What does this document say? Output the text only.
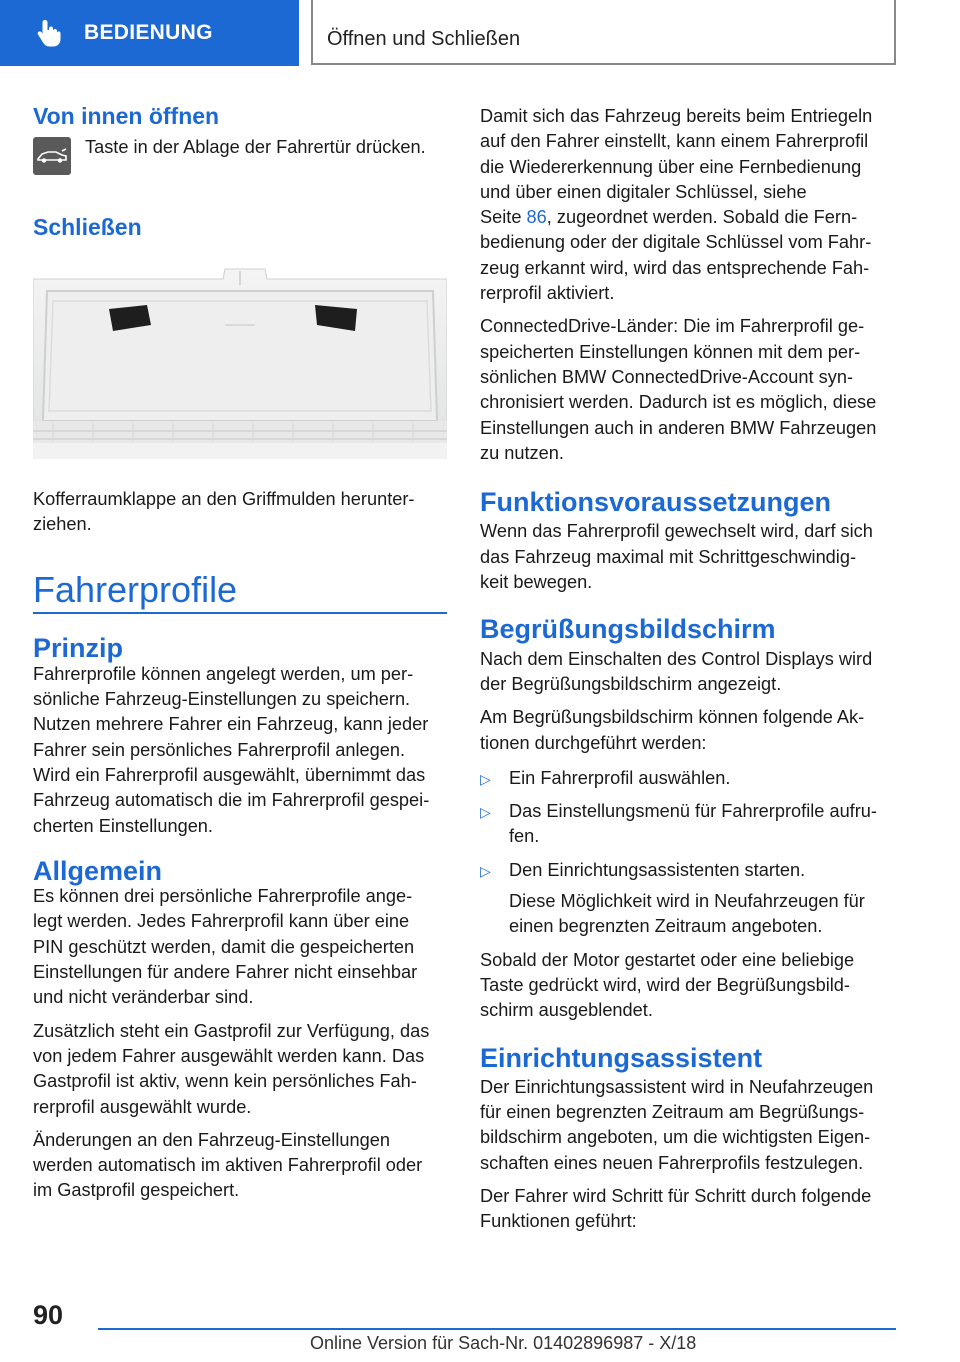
BEDIENUNG	Öffnen und Schließen
Von innen öffnen

Taste in der Ablage der Fahrertür drücken.

Schließen

Kofferraumklappe an den Griffmulden herunter‐

ziehen.

Fahrerprofile
Prinzip

Fahrerprofile können angelegt werden, um per‐

sönliche Fahrzeug-Einstellungen zu speichern.

Nutzen mehrere Fahrer ein Fahrzeug, kann jeder

Fahrer sein persönliches Fahrerprofil anlegen.

Wird ein Fahrerprofil ausgewählt, übernimmt das

Fahrzeug automatisch die im Fahrerprofil gespei‐

cherten Einstellungen.

Allgemein

Es können drei persönliche Fahrerprofile ange‐

legt werden. Jedes Fahrerprofil kann über eine

PIN geschützt werden, damit die gespeicherten

Einstellungen für andere Fahrer nicht einsehbar

und nicht veränderbar sind.

Zusätzlich steht ein Gastprofil zur Verfügung, das

von jedem Fahrer ausgewählt werden kann. Das

Gastprofil ist aktiv, wenn kein persönliches Fah‐

rerprofil ausgewählt wurde.

Änderungen an den Fahrzeug-Einstellungen

werden automatisch im aktiven Fahrerprofil oder

im Gastprofil gespeichert.

Damit sich das Fahrzeug bereits beim Entriegeln

auf den Fahrer einstellt, kann einem Fahrerprofil

die Wiedererkennung über eine Fernbedienung

und über einen digitaler Schlüssel, siehe

Seite 86, zugeordnet werden. Sobald die Fern‐

bedienung oder der digitale Schlüssel vom Fahr‐

zeug erkannt wird, wird das entsprechende Fah‐

rerprofil aktiviert.

ConnectedDrive-Länder: Die im Fahrerprofil ge‐

speicherten Einstellungen können mit dem per‐

sönlichen BMW ConnectedDrive-Account syn‐

chronisiert werden. Dadurch ist es möglich, diese

Einstellungen auch in anderen BMW Fahrzeugen

zu nutzen.

Funktionsvoraussetzungen

Wenn das Fahrerprofil gewechselt wird, darf sich

das Fahrzeug maximal mit Schrittgeschwindig‐

keit bewegen.

Begrüßungsbildschirm

Nach dem Einschalten des Control Displays wird

der Begrüßungsbildschirm angezeigt.

Am Begrüßungsbildschirm können folgende Ak‐

tionen durchgeführt werden:

▷ Ein Fahrerprofil auswählen.

▷ Das Einstellungsmenü für Fahrerprofile aufru‐

fen.

▷ Den Einrichtungsassistenten starten.

Diese Möglichkeit wird in Neufahrzeugen für

einen begrenzten Zeitraum angeboten.

Sobald der Motor gestartet oder eine beliebige

Taste gedrückt wird, wird der Begrüßungsbild‐

schirm ausgeblendet.

Einrichtungsassistent

Der Einrichtungsassistent wird in Neufahrzeugen

für einen begrenzten Zeitraum am Begrüßungs‐

bildschirm angeboten, um die wichtigsten Eigen‐

schaften eines neuen Fahrerprofils festzulegen.

Der Fahrer wird Schritt für Schritt durch folgende

Funktionen geführt:

90
Online Version für Sach-Nr. 01402896987 - X/18
